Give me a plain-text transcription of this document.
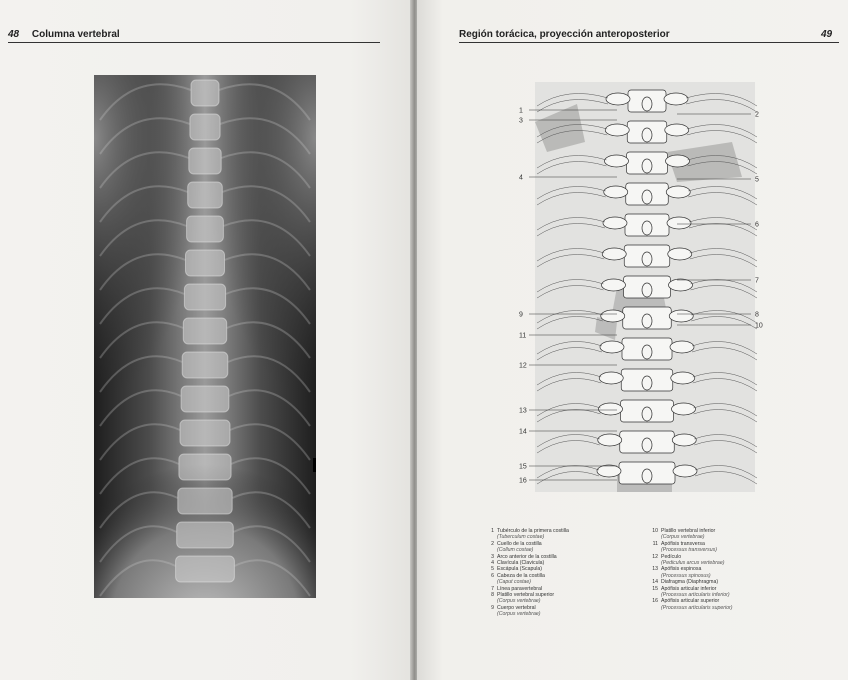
48 Columna vertebral	Región torácica, proyección anteroposterior	49
1
2
3
4	5
6
7
8
9
10
11
12
13
14
15
16
1 Tubérculo de la primera costilla
(Tuberculum costae)
2 Cuello de la costilla
(Collum costae)
3 Arco anterior de la costilla
4 Clavícula (Clavicula)
5 Escápula (Scapula)
6 Cabeza de la costilla
(Caput costae)
7 Línea paravertebral
8 Platillo vertebral superior
(Corpus vertebrae)
9 Cuerpo vertebral
(Corpus vertebrae)
10 Platillo vertebral inferior
(Corpus vertebrae)
11 Apófisis transversa
(Processus transversus)
12 Pedículo
(Pediculus arcus vertebrae)
13 Apófisis espinosa
(Processus spinosus)
14 Diafragma (Diaphragma)
15 Apófisis articular inferior
(Processus articularis inferior)
16 Apófisis articular superior
(Processus articularis superior)
